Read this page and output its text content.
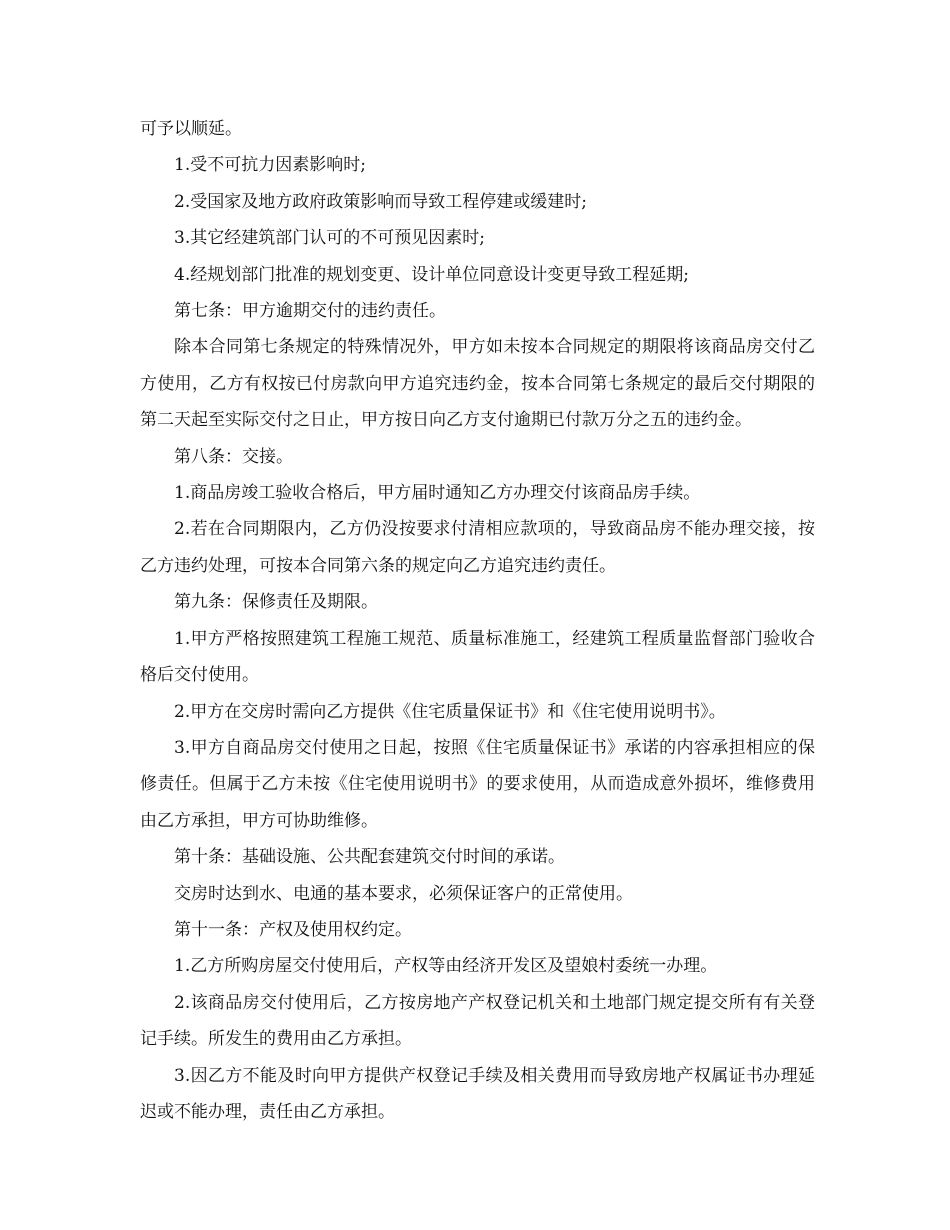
可予以顺延。

1.受不可抗力因素影响时;

2.受国家及地方政府政策影响而导致工程停建或缓建时;

3.其它经建筑部门认可的不可预见因素时;

4.经规划部门批准的规划变更、设计单位同意设计变更导致工程延期;

第七条：甲方逾期交付的违约责任。

除本合同第七条规定的特殊情况外，甲方如未按本合同规定的期限将该商品房交付乙方使用，乙方有权按已付房款向甲方追究违约金，按本合同第七条规定的最后交付期限的第二天起至实际交付之日止，甲方按日向乙方支付逾期已付款万分之五的违约金。

第八条：交接。

1.商品房竣工验收合格后，甲方届时通知乙方办理交付该商品房手续。

2.若在合同期限内，乙方仍没按要求付清相应款项的，导致商品房不能办理交接，按乙方违约处理，可按本合同第六条的规定向乙方追究违约责任。

第九条：保修责任及期限。

1.甲方严格按照建筑工程施工规范、质量标准施工，经建筑工程质量监督部门验收合格后交付使用。

2.甲方在交房时需向乙方提供《住宅质量保证书》和《住宅使用说明书》。

3.甲方自商品房交付使用之日起，按照《住宅质量保证书》承诺的内容承担相应的保修责任。但属于乙方未按《住宅使用说明书》的要求使用，从而造成意外损坏，维修费用由乙方承担，甲方可协助维修。

第十条：基础设施、公共配套建筑交付时间的承诺。

交房时达到水、电通的基本要求，必须保证客户的正常使用。

第十一条：产权及使用权约定。

1.乙方所购房屋交付使用后，产权等由经济开发区及望娘村委统一办理。

2.该商品房交付使用后，乙方按房地产产权登记机关和土地部门规定提交所有有关登记手续。所发生的费用由乙方承担。

3.因乙方不能及时向甲方提供产权登记手续及相关费用而导致房地产权属证书办理延迟或不能办理，责任由乙方承担。
